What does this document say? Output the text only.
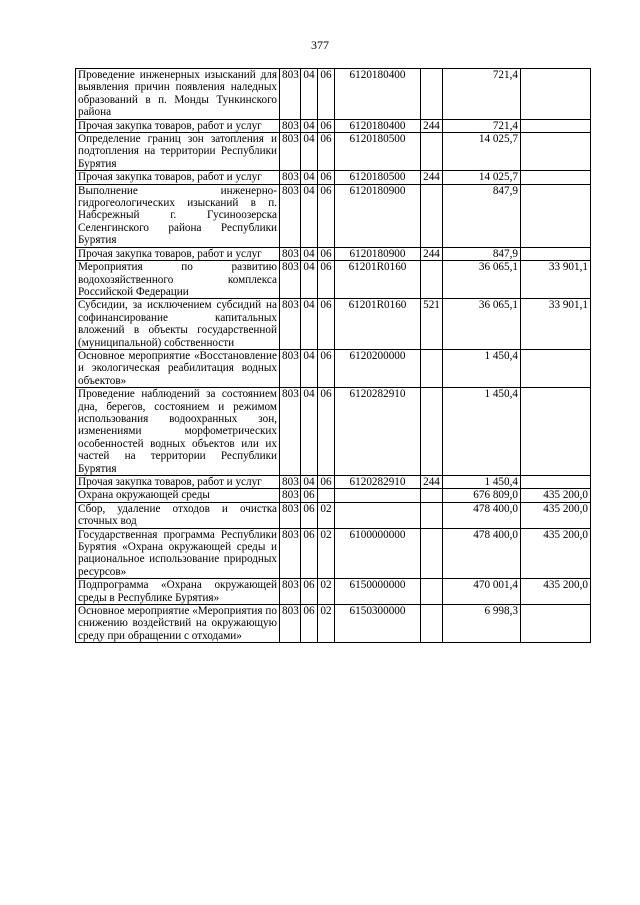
377
Проведение инженерных изысканий для выявления причин появления наледных образований в п. Монды Тункинского района	803	04	06	6120180400		721,4	
Прочая закупка товаров, работ и услуг	803	04	06	6120180400	244	721,4	
Определение границ зон затопления и подтопления на территории Республики Бурятия	803	04	06	6120180500		14 025,7	
Прочая закупка товаров, работ и услуг	803	04	06	6120180500	244	14 025,7	
Выполнение инженерно- гидрогеологических изысканий в п. Набсрежный г. Гусиноозерска Селенгинского района Республики Бурятия	803	04	06	6120180900		847,9	
Прочая закупка товаров, работ и услуг	803	04	06	6120180900	244	847,9	
Мероприятия по развитию водохозяйственного комплекса Российской Федерации	803	04	06	61201R0160		36 065,1	33 901,1
Субсидии, за исключением субсидий на софинансирование капитальных вложений в объекты государственной (муниципальной) собственности	803	04	06	61201R0160	521	36 065,1	33 901,1
Основное мероприятие «Восстановление и экологическая реабилитация водных объектов»	803	04	06	6120200000		1 450,4	
Проведение наблюдений за состоянием дна, берегов, состоянием и режимом использования водоохранных зон, изменениями морфометрических особенностей водных объектов или их частей на территории Республики Бурятия	803	04	06	6120282910		1 450,4	
Прочая закупка товаров, работ и услуг	803	04	06	6120282910	244	1 450,4	
Охрана окружающей среды	803	06				676 809,0	435 200,0
Сбор, удаление отходов и очистка сточных вод	803	06	02			478 400,0	435 200,0
Государственная программа Республики Бурятия «Охрана окружающей среды и рациональное использование природных ресурсов»	803	06	02	6100000000		478 400,0	435 200,0
Подпрограмма «Охрана окружающей среды в Республике Бурятия»	803	06	02	6150000000		470 001,4	435 200,0
Основное мероприятие «Мероприятия по снижению воздействий на окружающую среду при обращении с отходами»	803	06	02	6150300000		6 998,3	
